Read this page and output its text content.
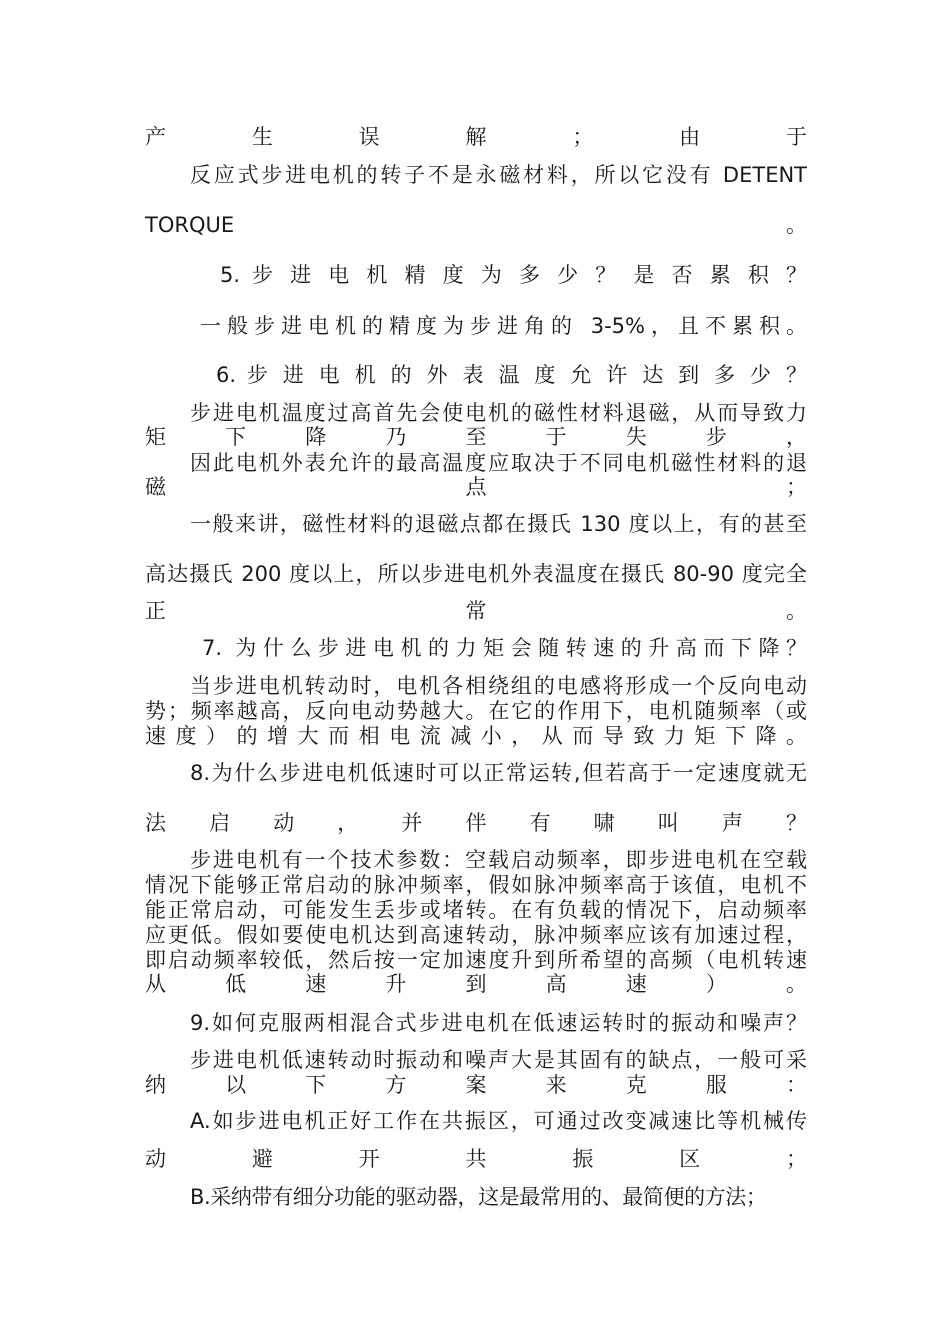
产	生	误	解	；	由	于
反应式步进电机的转子不是永磁材料，所以它没有 DETENT
TORQUE	。
5. 步 进 电 机 精 度 为 多 少 ？ 是 否 累 积 ？
一般步进电机的精度为步进角的 3-5%，且不累积。
6. 步 进 电 机 的 外 表 温 度 允 许 达 到 多 少 ？
步进电机温度过高首先会使电机的磁性材料退磁，从而导致力
矩	下	降	乃	至	于	失	步	，
因此电机外表允许的最高温度应取决于不同电机磁性材料的退
磁	点	；
一般来讲，磁性材料的退磁点都在摄氏 130 度以上，有的甚至
高达摄氏 200 度以上，所以步进电机外表温度在摄氏 80-90 度完全
正	常	。
7. 为什么步进电机的力矩会随转速的升高而下降？
当步进电机转动时，电机各相绕组的电感将形成一个反向电动
势；频率越高，反向电动势越大。在它的作用下，电机随频率（或
速度）的增大而相电流减小，从而导致力矩下降。
8.为什么步进电机低速时可以正常运转,但若高于一定速度就无
法 启 动 ， 并 伴 有 啸 叫 声 ？
步进电机有一个技术参数：空载启动频率，即步进电机在空载
情况下能够正常启动的脉冲频率，假如脉冲频率高于该值，电机不
能正常启动，可能发生丢步或堵转。在有负载的情况下，启动频率
应更低。假如要使电机达到高速转动，脉冲频率应该有加速过程，
即启动频率较低，然后按一定加速度升到所希望的高频（电机转速
从	低	速	升	到	高	速	）	。
9.如何克服两相混合式步进电机在低速运转时的振动和噪声？
步进电机低速转动时振动和噪声大是其固有的缺点，一般可采
纳	以	下	方	案	来	克	服	：
A.如步进电机正好工作在共振区，可通过改变减速比等机械传
动	避	开	共	振	区	；
B.采纳带有细分功能的驱动器，这是最常用的、最简便的方法；
